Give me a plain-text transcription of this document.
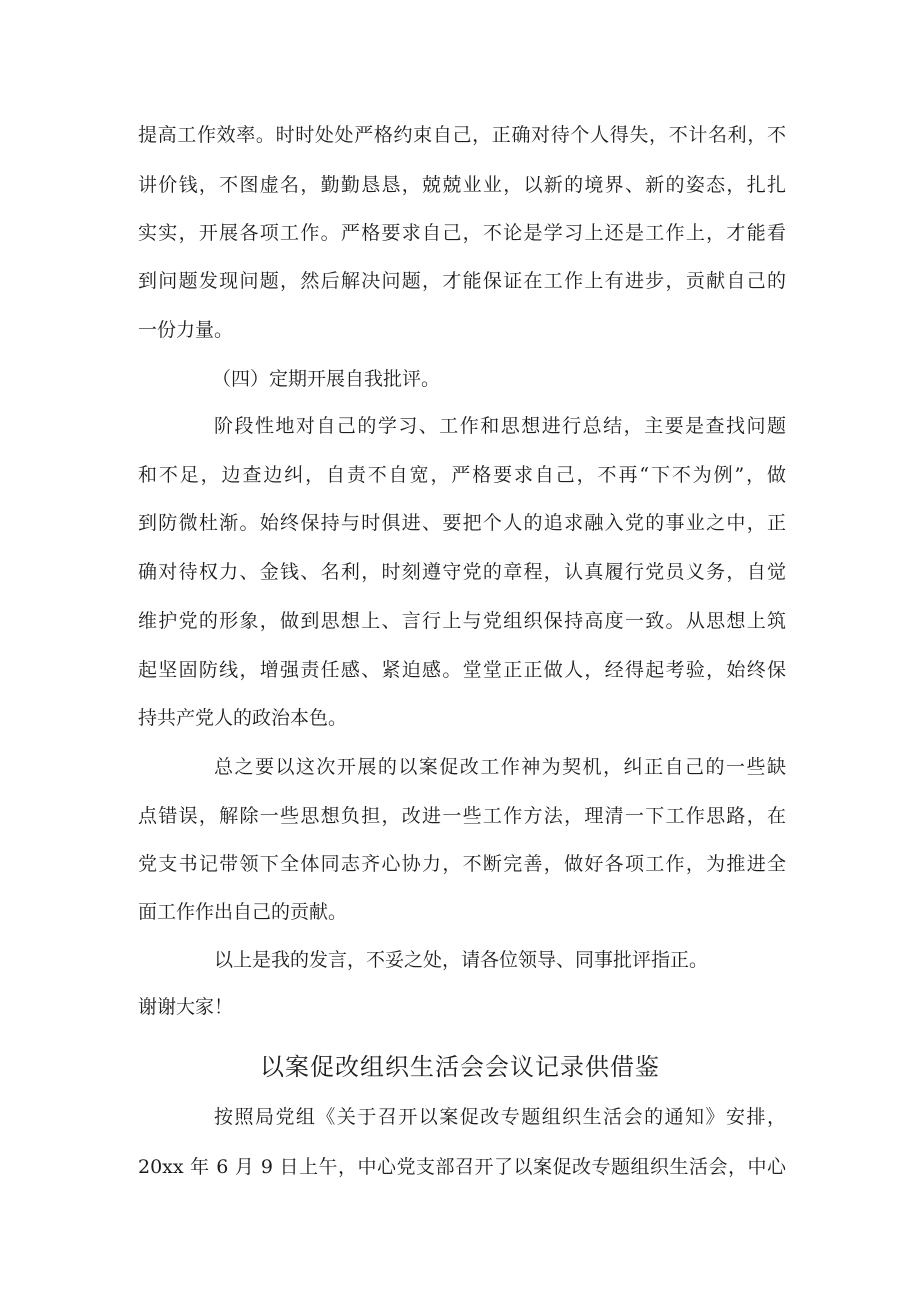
提高工作效率。时时处处严格约束自己，正确对待个人得失，不计名利，不
讲价钱，不图虚名，勤勤恳恳，兢兢业业，以新的境界、新的姿态，扎扎
实实，开展各项工作。严格要求自己，不论是学习上还是工作上，才能看
到问题发现问题，然后解决问题，才能保证在工作上有进步，贡献自己的
一份力量。
（四）定期开展自我批评。
阶段性地对自己的学习、工作和思想进行总结，主要是查找问题
和不足，边查边纠，自责不自宽，严格要求自己，不再“下不为例”，做
到防微杜渐。始终保持与时俱进、要把个人的追求融入党的事业之中，正
确对待权力、金钱、名利，时刻遵守党的章程，认真履行党员义务，自觉
维护党的形象，做到思想上、言行上与党组织保持高度一致。从思想上筑
起坚固防线，增强责任感、紧迫感。堂堂正正做人，经得起考验，始终保
持共产党人的政治本色。
总之要以这次开展的以案促改工作神为契机，纠正自己的一些缺
点错误，解除一些思想负担，改进一些工作方法，理清一下工作思路，在
党支书记带领下全体同志齐心协力，不断完善，做好各项工作，为推进全
面工作作出自己的贡献。
以上是我的发言，不妥之处，请各位领导、同事批评指正。
谢谢大家！
以案促改组织生活会会议记录供借鉴
按照局党组《关于召开以案促改专题组织生活会的通知》安排，
20xx 年 6 月 9 日上午，中心党支部召开了以案促改专题组织生活会，中心
